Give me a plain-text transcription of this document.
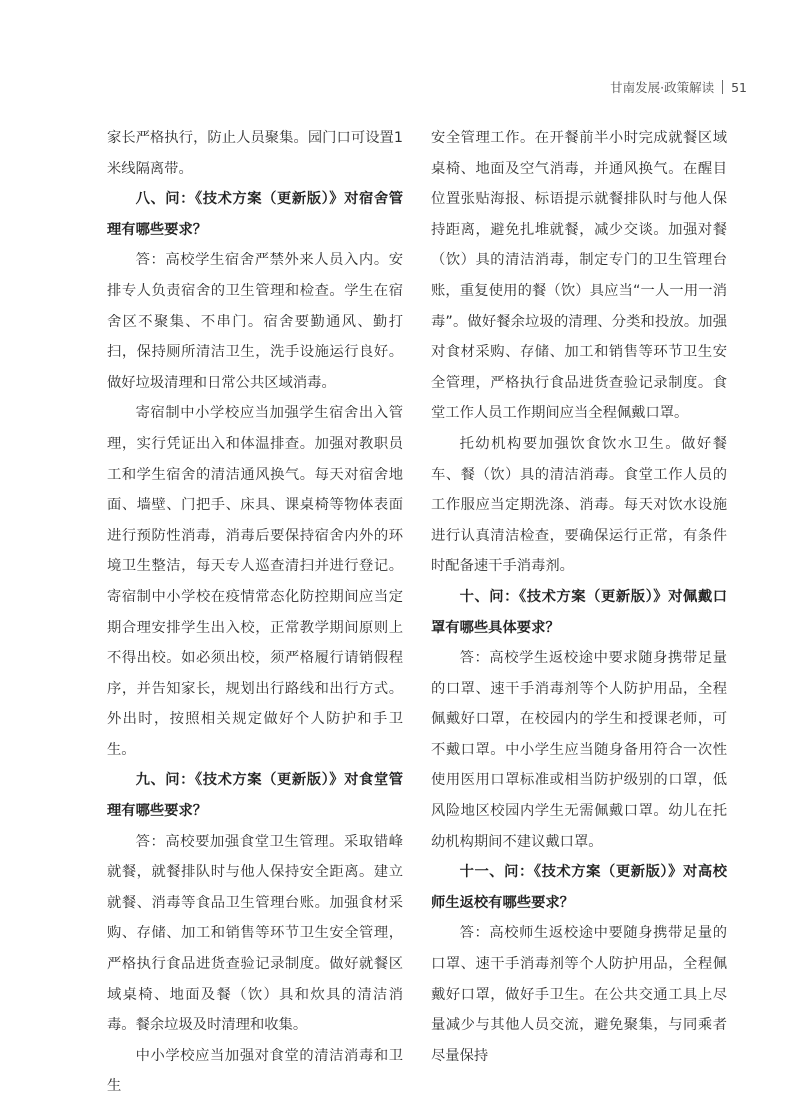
甘南发展·政策解读 51

家长严格执行，防止人员聚集。园门口可设置1米线隔离带。

八、问：《技术方案（更新版）》对宿舍管理有哪些要求？

答：高校学生宿舍严禁外来人员入内。安排专人负责宿舍的卫生管理和检查。学生在宿舍区不聚集、不串门。宿舍要勤通风、勤打扫，保持厕所清洁卫生，洗手设施运行良好。做好垃圾清理和日常公共区域消毒。

寄宿制中小学校应当加强学生宿舍出入管理，实行凭证出入和体温排查。加强对教职员工和学生宿舍的清洁通风换气。每天对宿舍地面、墙壁、门把手、床具、课桌椅等物体表面进行预防性消毒，消毒后要保持宿舍内外的环境卫生整洁，每天专人巡查清扫并进行登记。寄宿制中小学校在疫情常态化防控期间应当定期合理安排学生出入校，正常教学期间原则上不得出校。如必须出校，须严格履行请销假程序，并告知家长，规划出行路线和出行方式。外出时，按照相关规定做好个人防护和手卫生。

九、问：《技术方案（更新版）》对食堂管理有哪些要求？

答：高校要加强食堂卫生管理。采取错峰就餐，就餐排队时与他人保持安全距离。建立就餐、消毒等食品卫生管理台账。加强食材采购、存储、加工和销售等环节卫生安全管理，严格执行食品进货查验记录制度。做好就餐区域桌椅、地面及餐（饮）具和炊具的清洁消毒。餐余垃圾及时清理和收集。

中小学校应当加强对食堂的清洁消毒和卫生

安全管理工作。在开餐前半小时完成就餐区域桌椅、地面及空气消毒，并通风换气。在醒目位置张贴海报、标语提示就餐排队时与他人保持距离，避免扎堆就餐，减少交谈。加强对餐（饮）具的清洁消毒，制定专门的卫生管理台账，重复使用的餐（饮）具应当“一人一用一消毒”。做好餐余垃圾的清理、分类和投放。加强对食材采购、存储、加工和销售等环节卫生安全管理，严格执行食品进货查验记录制度。食堂工作人员工作期间应当全程佩戴口罩。

托幼机构要加强饮食饮水卫生。做好餐车、餐（饮）具的清洁消毒。食堂工作人员的工作服应当定期洗涤、消毒。每天对饮水设施进行认真清洁检查，要确保运行正常，有条件时配备速干手消毒剂。

十、问：《技术方案（更新版）》对佩戴口罩有哪些具体要求？

答：高校学生返校途中要求随身携带足量的口罩、速干手消毒剂等个人防护用品，全程佩戴好口罩，在校园内的学生和授课老师，可不戴口罩。中小学生应当随身备用符合一次性使用医用口罩标准或相当防护级别的口罩，低风险地区校园内学生无需佩戴口罩。幼儿在托幼机构期间不建议戴口罩。

十一、问：《技术方案（更新版）》对高校师生返校有哪些要求？

答：高校师生返校途中要随身携带足量的口罩、速干手消毒剂等个人防护用品，全程佩戴好口罩，做好手卫生。在公共交通工具上尽量减少与其他人员交流，避免聚集，与同乘者尽量保持
